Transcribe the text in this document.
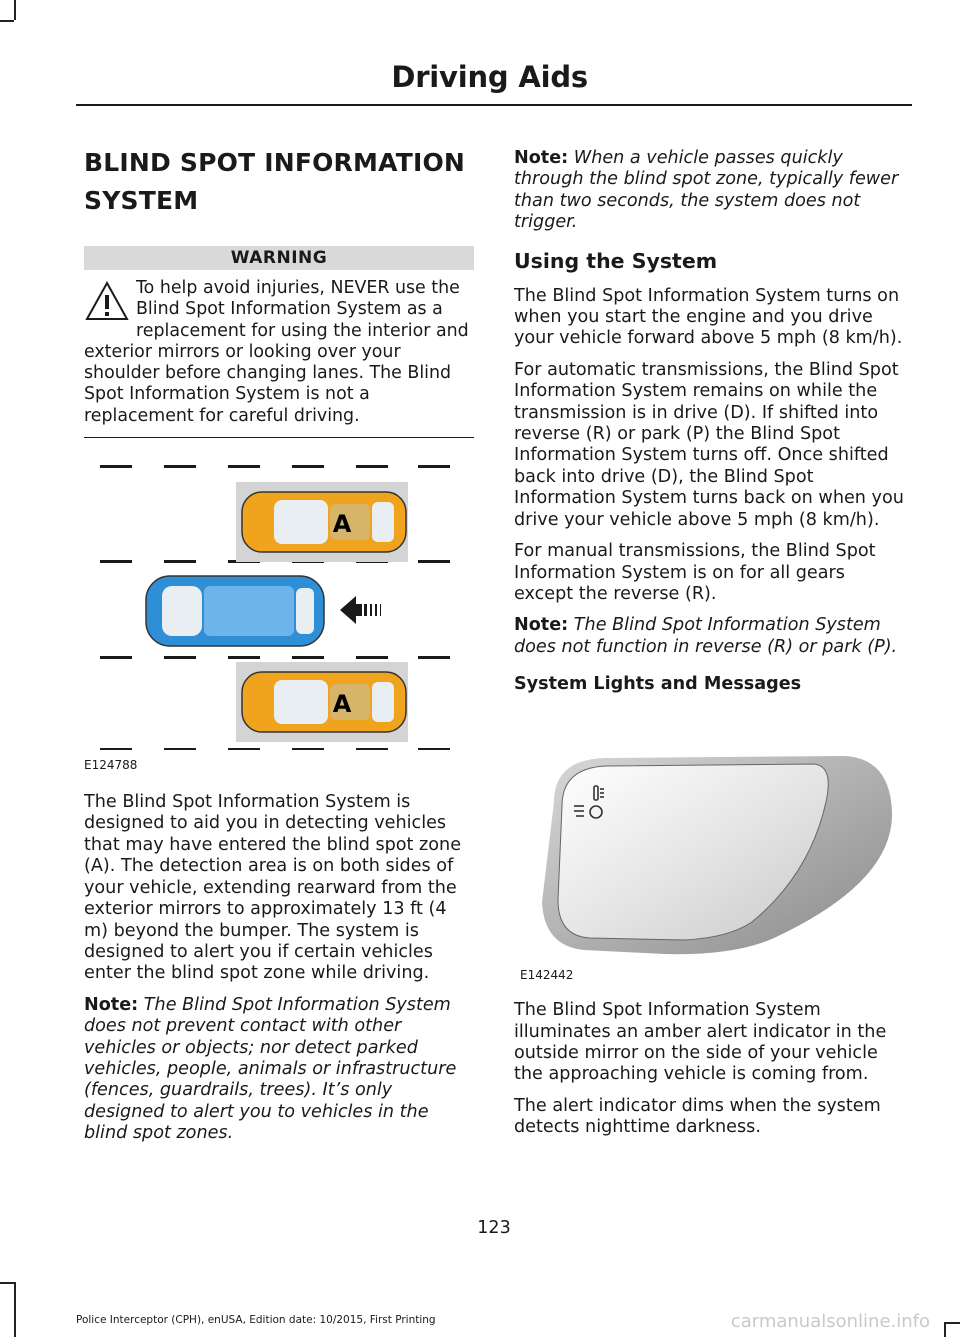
Driving Aids
BLIND SPOT INFORMATION
SYSTEM
WARNING
To help avoid injuries, NEVER use the Blind Spot Information System as a replacement for using the interior and exterior mirrors or looking over your shoulder before changing lanes. The Blind Spot Information System is not a replacement for careful driving.
A
A
E124788

The Blind Spot Information System is designed to aid you in detecting vehicles that may have entered the blind spot zone (A). The detection area is on both sides of your vehicle, extending rearward from the exterior mirrors to approximately 13 ft (4 m) beyond the bumper. The system is designed to alert you if certain vehicles enter the blind spot zone while driving.

Note: The Blind Spot Information System does not prevent contact with other vehicles or objects; nor detect parked vehicles, people, animals or infrastructure (fences, guardrails, trees). It’s only designed to alert you to vehicles in the blind spot zones.

Note: When a vehicle passes quickly through the blind spot zone, typically fewer than two seconds, the system does not trigger.

Using the System

The Blind Spot Information System turns on when you start the engine and you drive your vehicle forward above 5 mph (8 km/h).

For automatic transmissions, the Blind Spot Information System remains on while the transmission is in drive (D). If shifted into reverse (R) or park (P) the Blind Spot Information System turns off. Once shifted back into drive (D), the Blind Spot Information System turns back on when you drive your vehicle above 5 mph (8 km/h).

For manual transmissions, the Blind Spot Information System is on for all gears except the reverse (R).

Note: The Blind Spot Information System does not function in reverse (R) or park (P).

System Lights and Messages
E142442

The Blind Spot Information System illuminates an amber alert indicator in the outside mirror on the side of your vehicle the approaching vehicle is coming from.

The alert indicator dims when the system detects nighttime darkness.

123
Police Interceptor (CPH), enUSA, Edition date: 10/2015, First Printing	carmanualsonline.info
